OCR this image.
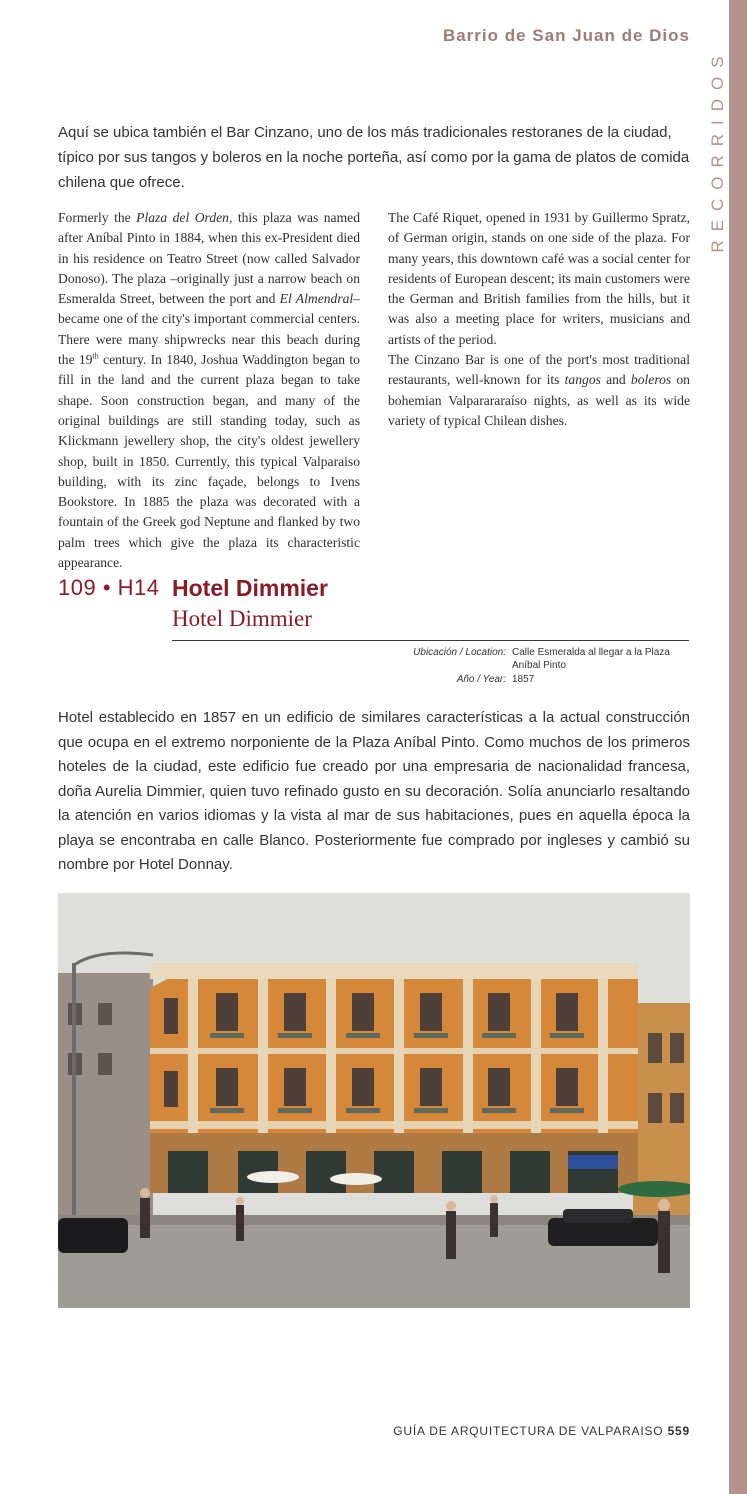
RECORRIDOS
Barrio de San Juan de Dios

Aquí se ubica también el Bar Cinzano, uno de los más tradicionales restoranes de la ciudad, típico por sus tangos y boleros en la noche porteña, así como por la gama de platos de comida chilena que ofrece.

Formerly the Plaza del Orden, this plaza was named after Aníbal Pinto in 1884, when this ex-President died in his residence on Teatro Street (now called Salvador Donoso). The plaza –originally just a narrow beach on Esmeralda Street, between the port and El Almendral– became one of the city's important commercial centers. There were many shipwrecks near this beach during the 19th century. In 1840, Joshua Waddington began to fill in the land and the current plaza began to take shape. Soon construction began, and many of the original buildings are still standing today, such as Klickmann jewellery shop, the city's oldest jewellery shop, built in 1850. Currently, this typical Valparaiso building, with its zinc façade, belongs to Ivens Bookstore. In 1885 the plaza was decorated with a fountain of the Greek god Neptune and flanked by two palm trees which give the plaza its characteristic appearance.

The Café Riquet, opened in 1931 by Guillermo Spratz, of German origin, stands on one side of the plaza. For many years, this downtown café was a social center for residents of European descent; its main customers were the German and British families from the hills, but it was also a meeting place for writers, musicians and artists of the period.

The Cinzano Bar is one of the port's most traditional restaurants, well-known for its tangos and boleros on bohemian Valparararaíso nights, as well as its wide variety of typical Chilean dishes.

109 • H14 Hotel Dimmier
Hotel Dimmier
Ubicación / Location: Calle Esmeralda al llegar a la Plaza Aníbal Pinto
Año / Year: 1857

Hotel establecido en 1857 en un edificio de similares características a la actual construcción que ocupa en el extremo norponiente de la Plaza Aníbal Pinto. Como muchos de los primeros hoteles de la ciudad, este edificio fue creado por una empresaria de nacionalidad francesa, doña Aurelia Dimmier, quien tuvo refinado gusto en su decoración. Solía anunciarlo resaltando la atención en varios idiomas y la vista al mar de sus habitaciones, pues en aquella época la playa se encontraba en calle Blanco. Posteriormente fue comprado por ingleses y cambió su nombre por Hotel Donnay.

GUÍA DE ARQUITECTURA DE VALPARAISO 559
